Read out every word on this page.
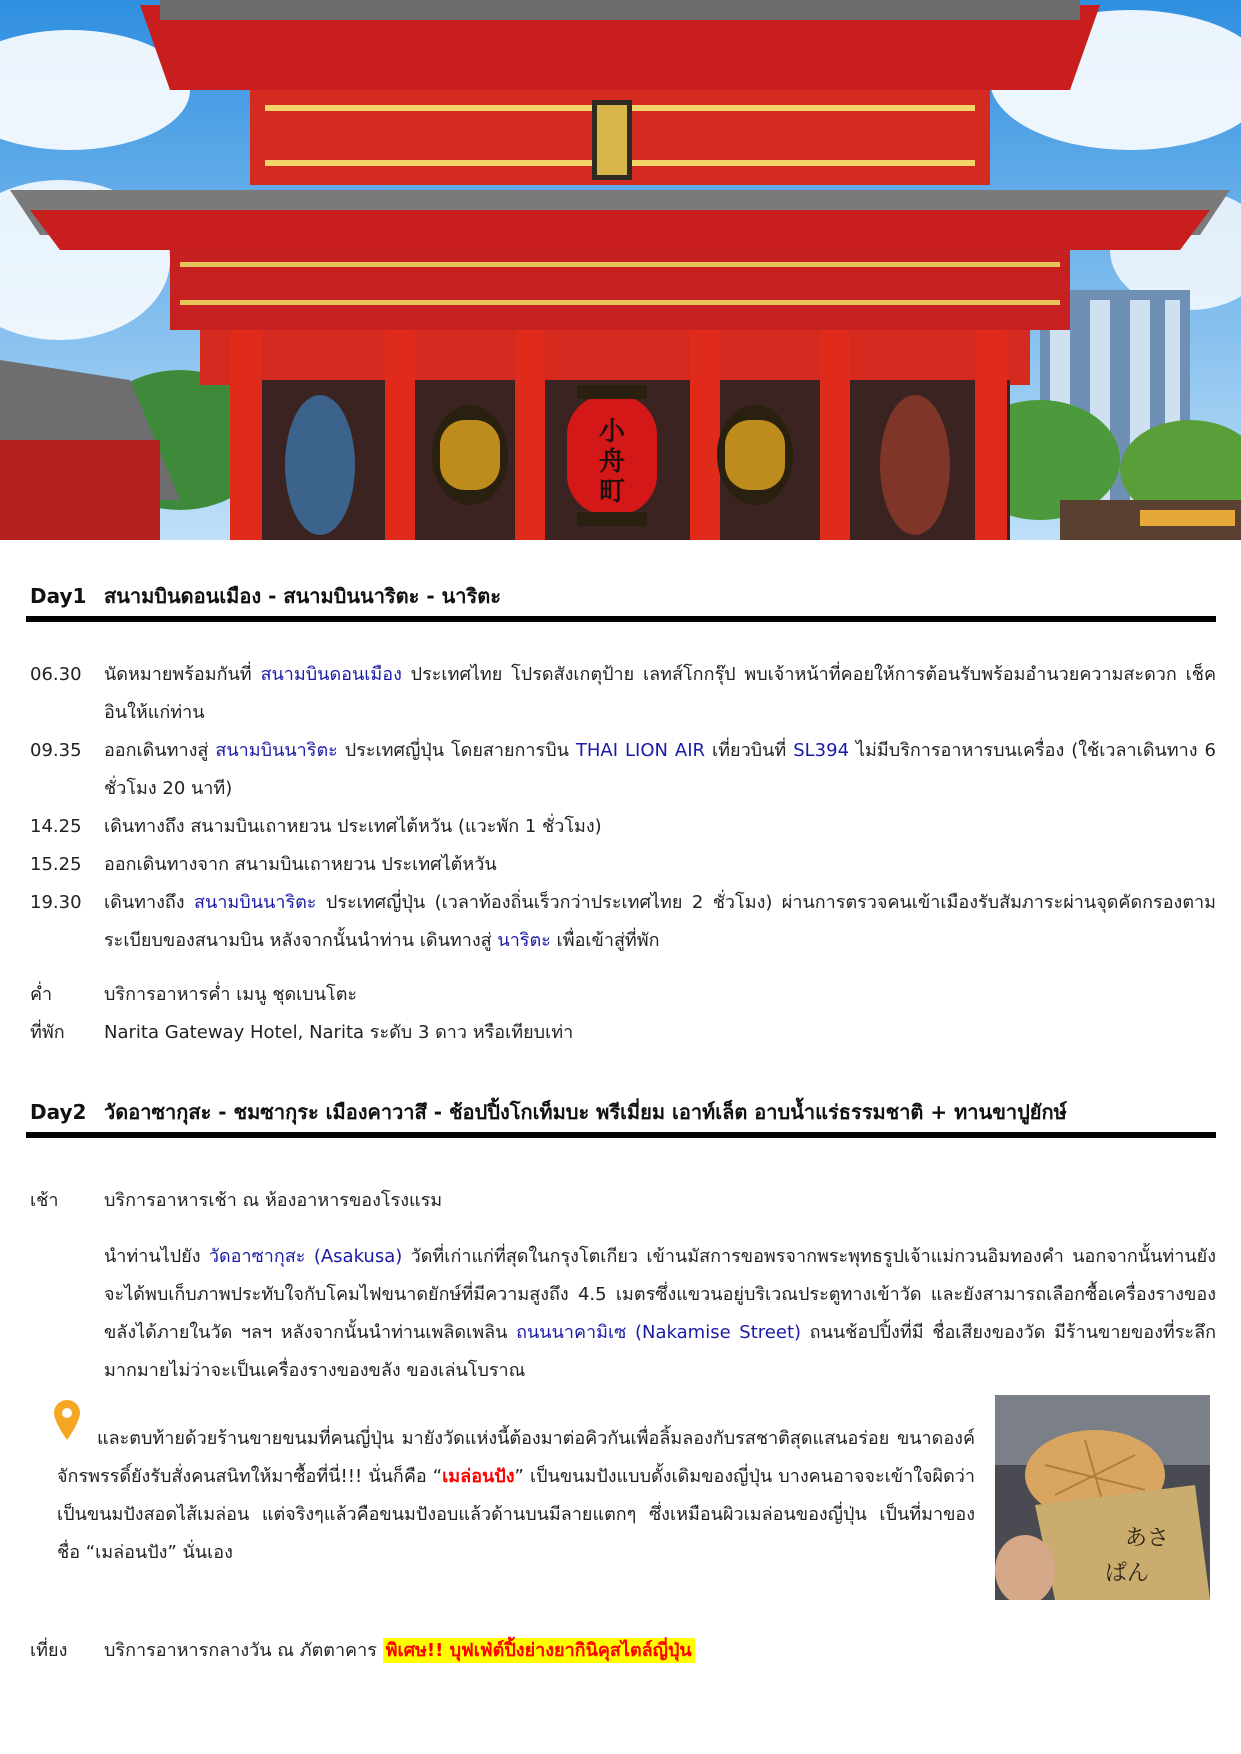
小
舟
町
Day1 สนามบินดอนเมือง - สนามบินนาริตะ - นาริตะ
06.30	นัดหมายพร้อมกันที่ สนามบินดอนเมือง ประเทศไทย โปรดสังเกตุป้าย เลทส์โกกรุ๊ป พบเจ้าหน้าที่คอยให้การต้อนรับพร้อมอำนวยความสะดวก เช็คอินให้แก่ท่าน
09.35	ออกเดินทางสู่ สนามบินนาริตะ ประเทศญี่ปุ่น โดยสายการบิน THAI LION AIR เที่ยวบินที่ SL394 ไม่มีบริการอาหารบนเครื่อง (ใช้เวลาเดินทาง 6 ชั่วโมง 20 นาที)
14.25	เดินทางถึง สนามบินเถาหยวน ประเทศไต้หวัน (แวะพัก 1 ชั่วโมง)
15.25	ออกเดินทางจาก สนามบินเถาหยวน ประเทศไต้หวัน
19.30	เดินทางถึง สนามบินนาริตะ ประเทศญี่ปุ่น (เวลาท้องถิ่นเร็วกว่าประเทศไทย 2 ชั่วโมง) ผ่านการตรวจคนเข้าเมืองรับสัมภาระผ่านจุดคัดกรองตามระเบียบของสนามบิน หลังจากนั้นนำท่าน เดินทางสู่ นาริตะ เพื่อเข้าสู่ที่พัก
ค่ำ	บริการอาหารค่ำ เมนู ชุดเบนโตะ
ที่พัก	Narita Gateway Hotel, Narita ระดับ 3 ดาว หรือเทียบเท่า
Day2 วัดอาซากุสะ - ชมซากุระ เมืองคาวาสึ - ช้อปปิ้งโกเท็มบะ พรีเมี่ยม เอาท์เล็ต อาบน้ำแร่ธรรมชาติ + ทานขาปูยักษ์
เช้า	บริการอาหารเช้า ณ ห้องอาหารของโรงแรม
นำท่านไปยัง วัดอาซากุสะ (Asakusa) วัดที่เก่าแก่ที่สุดในกรุงโตเกียว เข้านมัสการขอพรจากพระพุทธรูปเจ้าแม่กวนอิมทองคำ นอกจากนั้นท่านยังจะได้พบเก็บภาพประทับใจกับโคมไฟขนาดยักษ์ที่มีความสูงถึง 4.5 เมตรซึ่งแขวนอยู่บริเวณประตูทางเข้าวัด และยังสามารถเลือกซื้อเครื่องรางของขลังได้ภายในวัด ฯลฯ หลังจากนั้นนำท่านเพลิดเพลิน ถนนนาคามิเซ (Nakamise Street) ถนนช้อปปิ้งที่มี ชื่อเสียงของวัด มีร้านขายของที่ระลึกมากมายไม่ว่าจะเป็นเครื่องรางของขลัง ของเล่นโบราณ
และตบท้ายด้วยร้านขายขนมที่คนญี่ปุ่น มายังวัดแห่งนี้ต้องมาต่อคิวกันเพื่อลิ้มลองกับรสชาติสุดแสนอร่อย ขนาดองค์จักรพรรดิ์ยังรับสั่งคนสนิทให้มาซื้อที่นี่!!! นั่นก็คือ “เมล่อนปัง” เป็นขนมปังแบบดั้งเดิมของญี่ปุ่น บางคนอาจจะเข้าใจผิดว่าเป็นขนมปังสอดไส้เมล่อน แต่จริงๆแล้วคือขนมปังอบแล้วด้านบนมีลายแตกๆ ซึ่งเหมือนผิวเมล่อนของญี่ปุ่น เป็นที่มาของชื่อ “เมล่อนปัง” นั่นเอง
あさ
ぱん
เที่ยง	บริการอาหารกลางวัน ณ ภัตตาคาร พิเศษ!! บุฟเฟ่ต์ปิ้งย่างยากินิคุสไตล์ญี่ปุ่น
